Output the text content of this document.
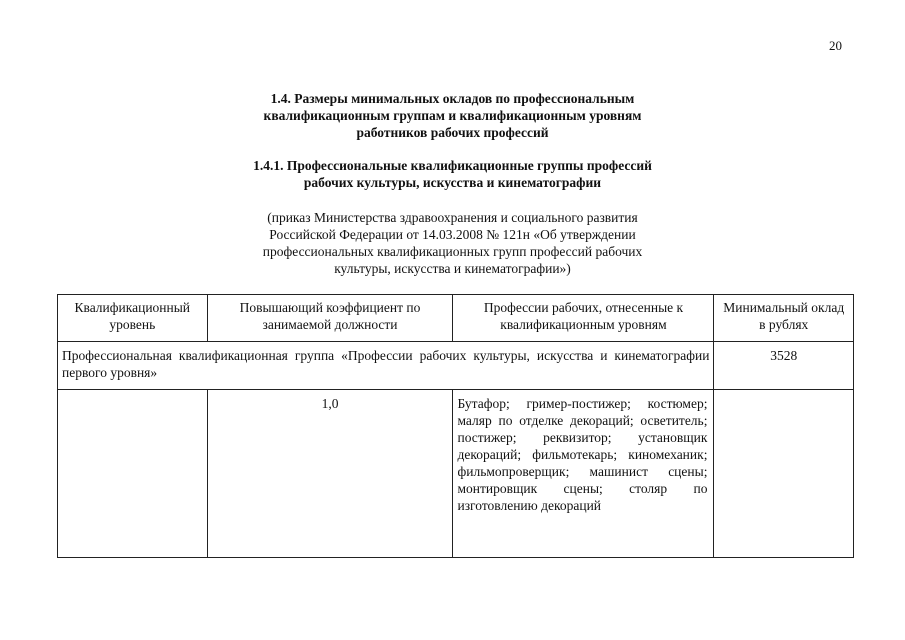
20
1.4. Размеры минимальных окладов по профессиональным
квалификационным группам и квалификационным уровням
работников рабочих профессий
1.4.1. Профессиональные квалификационные группы профессий
рабочих культуры, искусства и кинематографии
(приказ Министерства здравоохранения и социального развития
Российской Федерации от 14.03.2008 № 121н «Об утверждении
профессиональных квалификационных групп профессий рабочих
культуры, искусства и кинематографии»)
Квалификационный уровень	Повышающий коэффициент по занимаемой должности	Профессии рабочих, отнесенные к квалификационным уровням	Минимальный оклад в рублях
Профессиональная квалификационная группа «Профессии рабочих культуры, искусства и кинематографии первого уровня»			3528
	1,0	Бутафор; гример-постижер; костюмер; маляр по отделке декораций; осветитель; постижер; реквизитор; установщик декораций; фильмотекарь; киномеханик; фильмопроверщик; машинист сцены; монтировщик сцены; столяр по изготовлению декораций	
